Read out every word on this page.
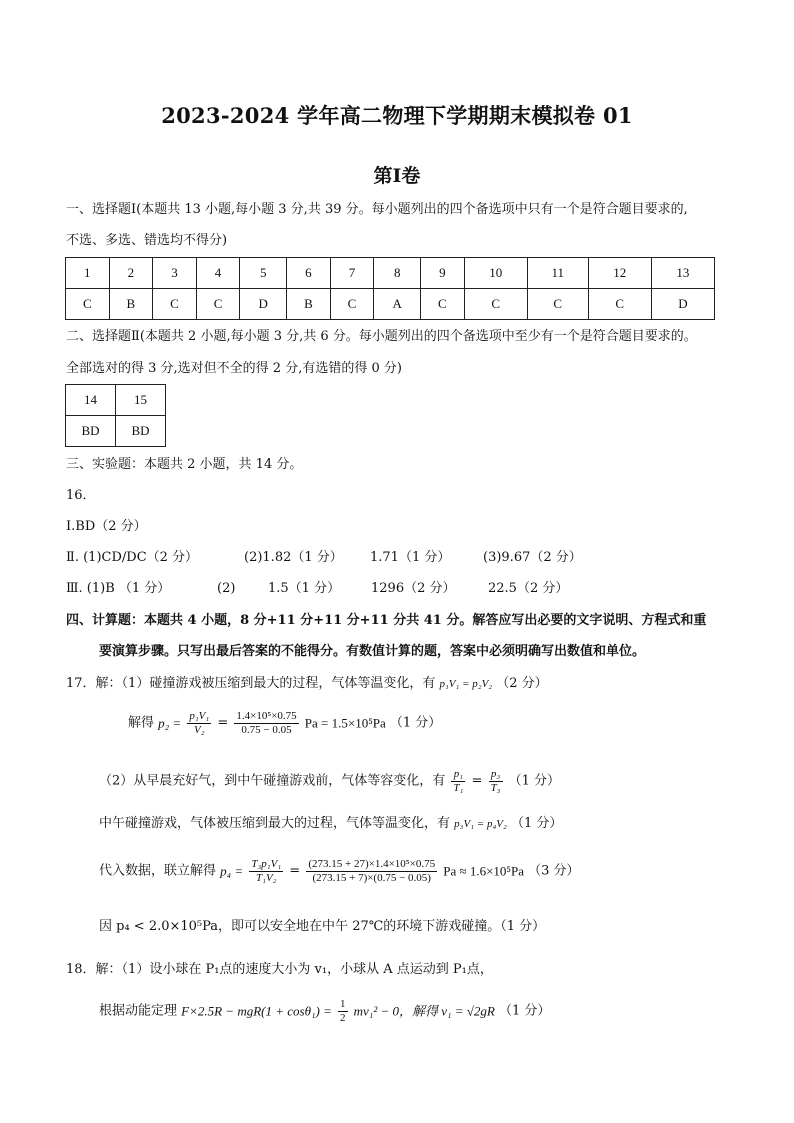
2023-2024 学年高二物理下学期期末模拟卷 01
第Ⅰ卷
一、选择题Ⅰ(本题共 13 小题,每小题 3 分,共 39 分。每小题列出的四个备选项中只有一个是符合题目要求的,
不选、多选、错选均不得分)
1	2	3	4	5	6	7	8	9	10	11	12	13
C	B	C	C	D	B	C	A	C	C	C	C	D
二、选择题Ⅱ(本题共 2 小题,每小题 3 分,共 6 分。每小题列出的四个备选项中至少有一个是符合题目要求的。
全部选对的得 3 分,选对但不全的得 2 分,有选错的得 0 分)
14	15
BD	BD
三、实验题：本题共 2 小题，共 14 分。
16．
Ⅰ.BD（2 分）
Ⅱ. (1)CD/DC（2 分）	(2)1.82（1 分） 1.71（1 分）	(3)9.67（2 分）
Ⅲ. (1)B （1 分）	(2)	1.5（1 分） 1296（2 分）	22.5（2 分）
四、计算题：本题共 4 小题，8 分+11 分+11 分+11 分共 41 分。解答应写出必要的文字说明、方程式和重
要演算步骤。只写出最后答案的不能得分。有数值计算的题，答案中必须明确写出数值和单位。
17．解：（1）碰撞游戏被压缩到最大的过程，气体等温变化，有 p₁V₁ = p₂V₂ （2 分）
解得 $p_2 = \frac{\text{p₁V₁}}{\text{V₂}} = \frac{\text{1.4×10⁵×0.75}}{0.75 - 0.05}$ Pa = 1.5×10⁵Pa （1 分）
（2）从早晨充好气，到中午碰撞游戏前，气体等容变化，有 $\frac{\text{p₁}}{\text{T₁}} = \frac{\text{p₃}}{\text{T₃}} (1$ 分）
中午碰撞游戏，气体被压缩到最大的过程，气体等温变化，有 p₃V₁ = p₄V₂ （1 分）
代入数据，联立解得 $p_4 = \frac{\text{T₃p₁V₁}}{\text{T₁V₂}} = \frac{\text{(273.15 + 27)×1.4×10⁵×0.75}}{(273.15 + 7)\times(0.75 - 0.05)}$ Pa ≈ 1.6×10⁵Pa （3 分）
因 p₄ < 2.0×10⁵Pa，即可以安全地在中午 27℃的环境下游戏碰撞。（1 分）
18．解：（1）设小球在 P₁点的速度大小为 v₁，小球从 A 点运动到 P₁点，
根据动能定理 $F\times 2.5R - mgR(1 + \cos\theta_1) = \frac{1}{2} mv_1^2 - 0$，解得 v₁ = √2gR （1 分）
